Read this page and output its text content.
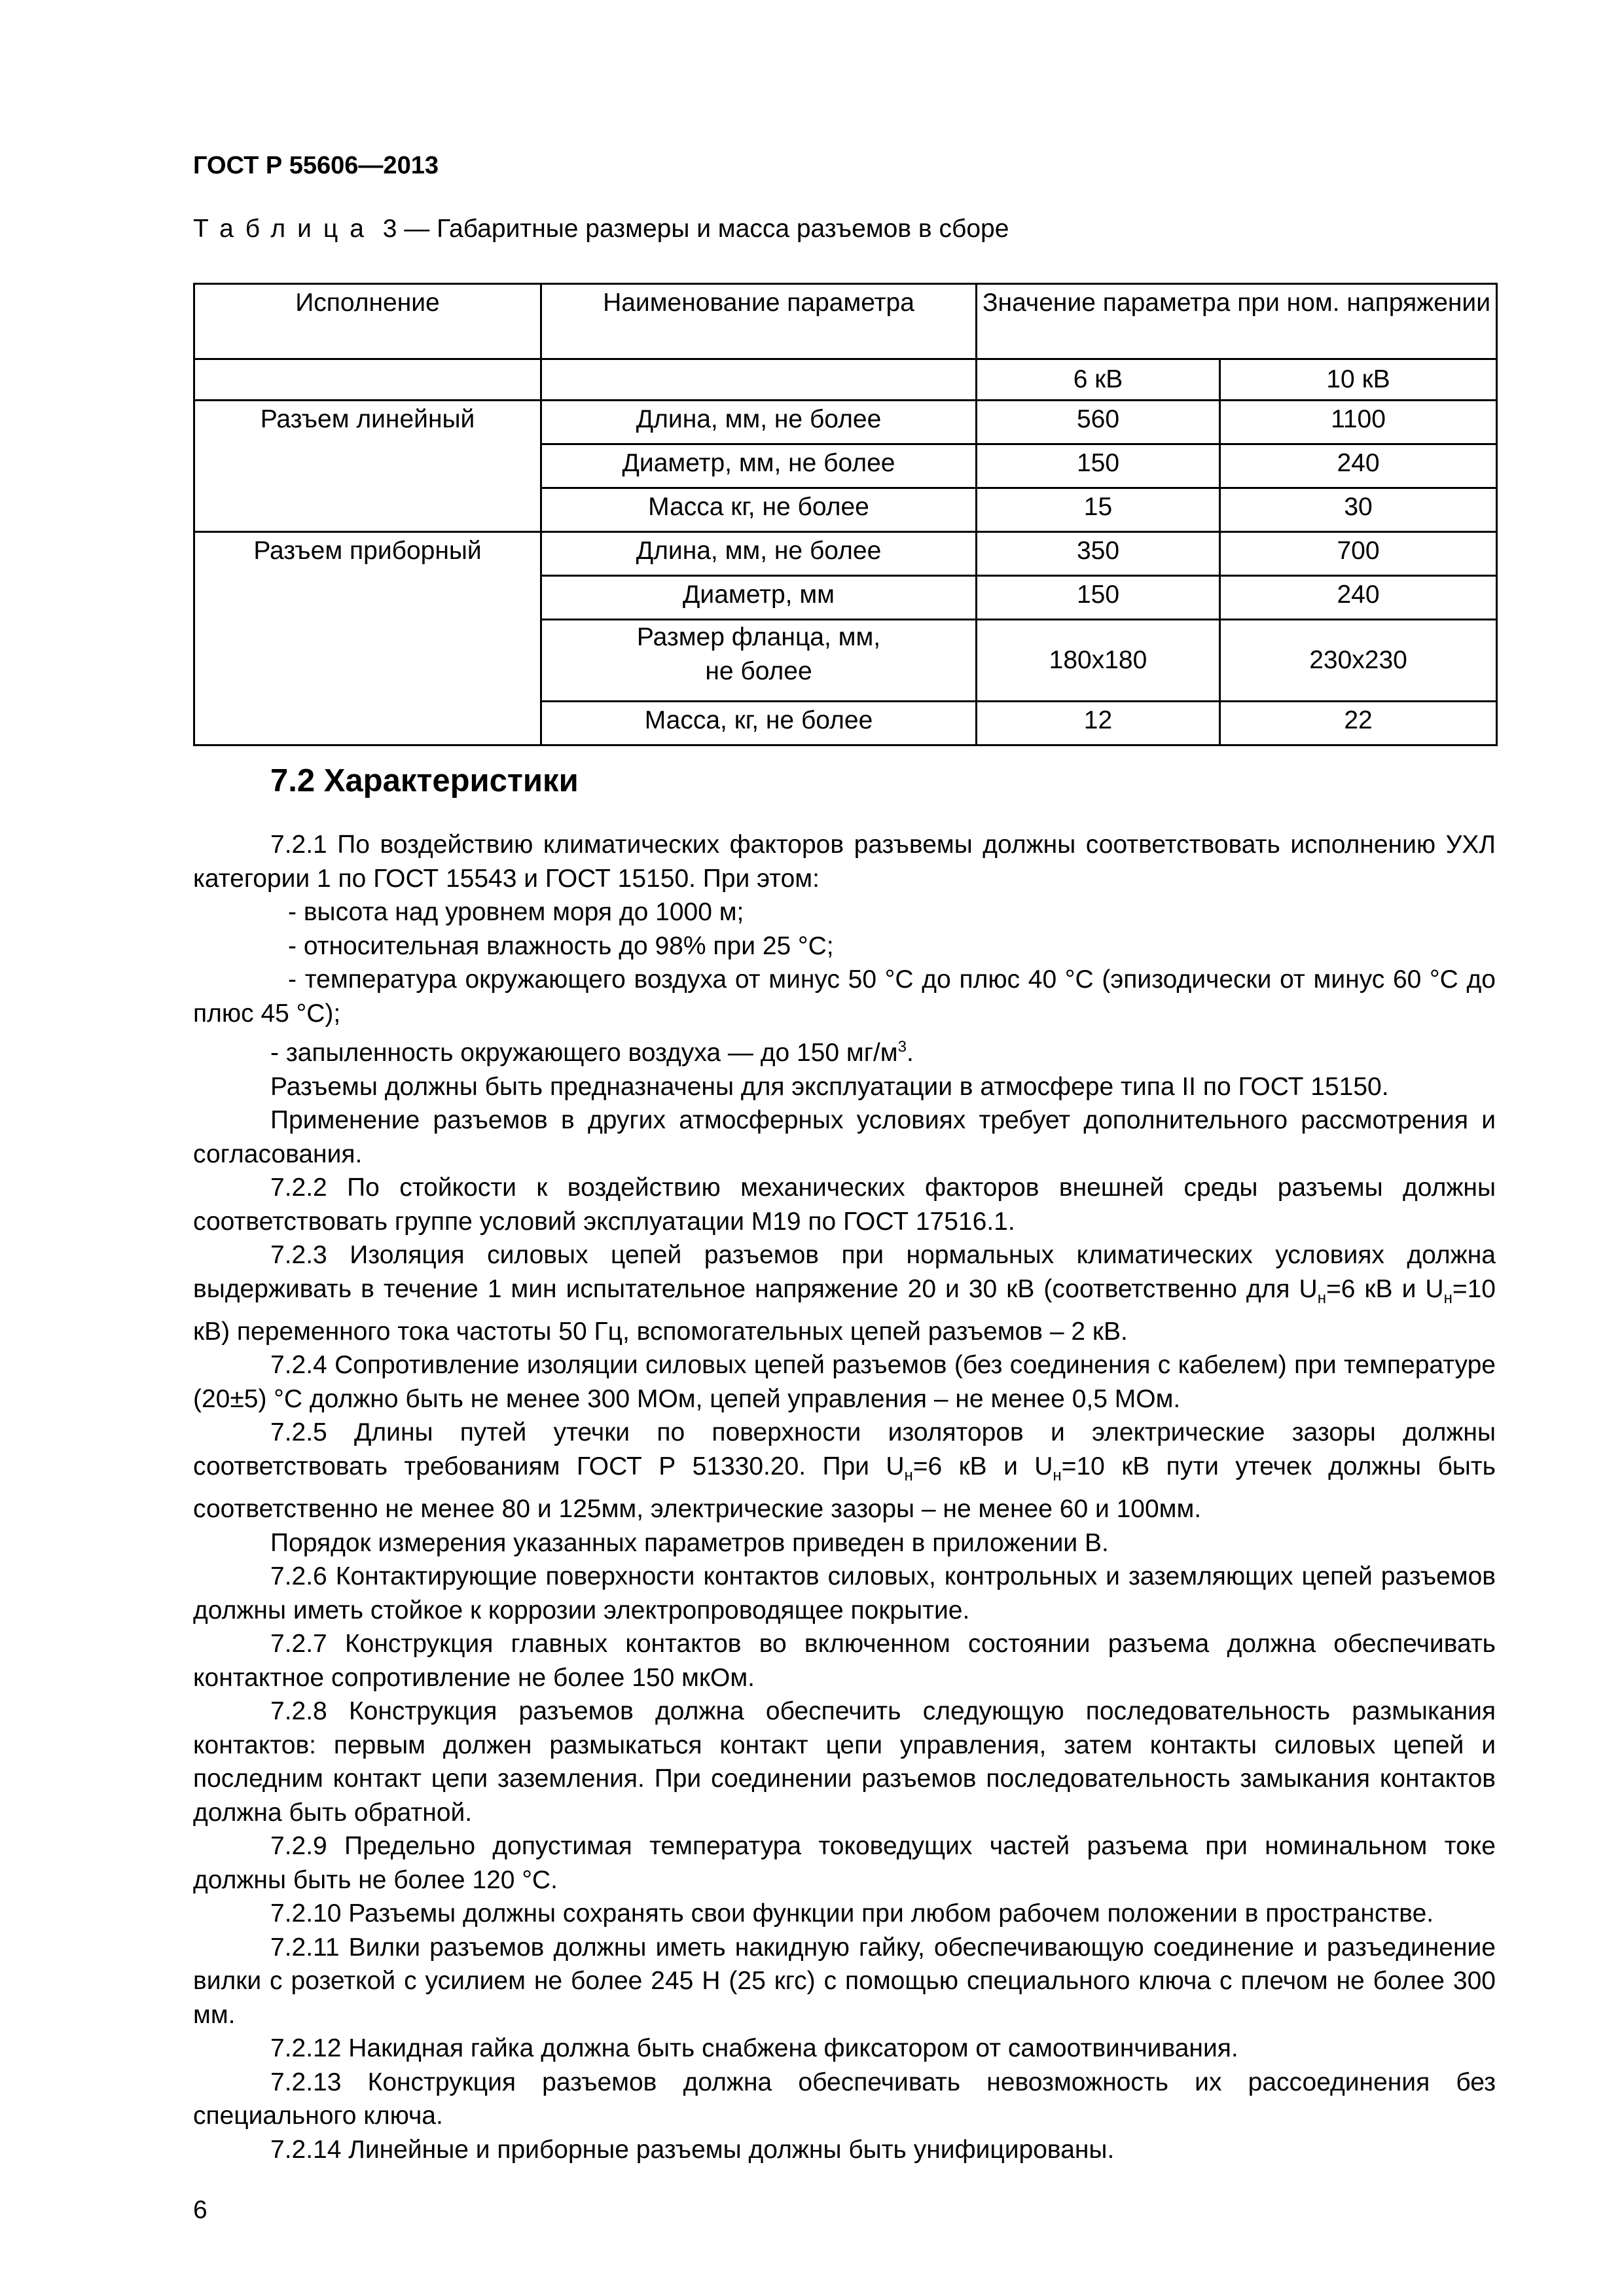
ГОСТ Р 55606—2013

Таблица 3 — Габаритные размеры и масса разъемов в сборе

Исполнение	Наименование параметра	Значение параметра при ном. напряжении	
		6 кВ	10 кВ
Разъем линейный	Длина, мм, не более	560	1100
	Диаметр, мм, не более	150	240
	Масса кг, не более	15	30
Разъем приборный	Длина, мм, не более	350	700
	Диаметр, мм	150	240
	Размер фланца, мм, не более	180х180	230х230
	Масса, кг, не более	12	22
7.2 Характеристики

7.2.1 По воздействию климатических факторов разъвемы должны соответствовать исполнению УХЛ категории 1 по ГОСТ 15543 и ГОСТ 15150. При этом:

- высота над уровнем моря до 1000 м;

- относительная влажность до 98% при 25 °С;

- температура окружающего воздуха от минус 50 °С до плюс 40 °С (эпизодически от минус 60 °С до плюс 45 °С);

- запыленность окружающего воздуха — до 150 $мг/м^3$.

Разъемы должны быть предназначены для эксплуатации в атмосфере типа II по ГОСТ 15150.

Применение разъемов в других атмосферных условиях требует дополнительного рассмотрения и согласования.

7.2.2 По стойкости к воздействию механических факторов внешней среды разъемы должны соответствовать группе условий эксплуатации М19 по ГОСТ 17516.1.

7.2.3 Изоляция силовых цепей разъемов при нормальных климатических условиях должна выдерживать в течение 1 мин испытательное напряжение 20 и 30 кВ (соответственно для $U_н=6$ кВ и $U_н=10$ кВ) переменного тока частоты 50 Гц, вспомогательных цепей разъемов – 2 кВ.

7.2.4 Сопротивление изоляции силовых цепей разъемов (без соединения с кабелем) при температуре (20±5) °С должно быть не менее 300 МОм, цепей управления – не менее 0,5 МОм.

7.2.5 Длины путей утечки по поверхности изоляторов и электрические зазоры должны соответствовать требованиям ГОСТ Р 51330.20. При $U_н=6$ кВ и $U_н=10$ кВ пути утечек должны быть соответственно не менее 80 и 125мм, электрические зазоры – не менее 60 и 100мм.

Порядок измерения указанных параметров приведен в приложении В.

7.2.6 Контактирующие поверхности контактов силовых, контрольных и заземляющих цепей разъемов должны иметь стойкое к коррозии электропроводящее покрытие.

7.2.7 Конструкция главных контактов во включенном состоянии разъема должна обеспечивать контактное сопротивление не более 150 мкОм.

7.2.8 Конструкция разъемов должна обеспечить следующую последовательность размыкания контактов: первым должен размыкаться контакт цепи управления, затем контакты силовых цепей и последним контакт цепи заземления. При соединении разъемов последовательность замыкания контактов должна быть обратной.

7.2.9 Предельно допустимая температура токоведущих частей разъема при номинальном токе должны быть не более 120 °С.

7.2.10 Разъемы должны сохранять свои функции при любом рабочем положении в пространстве.

7.2.11 Вилки разъемов должны иметь накидную гайку, обеспечивающую соединение и разъединение вилки с розеткой с усилием не более 245 Н (25 кгс) с помощью специального ключа с плечом не более 300 мм.

7.2.12 Накидная гайка должна быть снабжена фиксатором от самоотвинчивания.

7.2.13 Конструкция разъемов должна обеспечивать невозможность их рассоединения без специального ключа.

7.2.14 Линейные и приборные разъемы должны быть унифицированы.

6
